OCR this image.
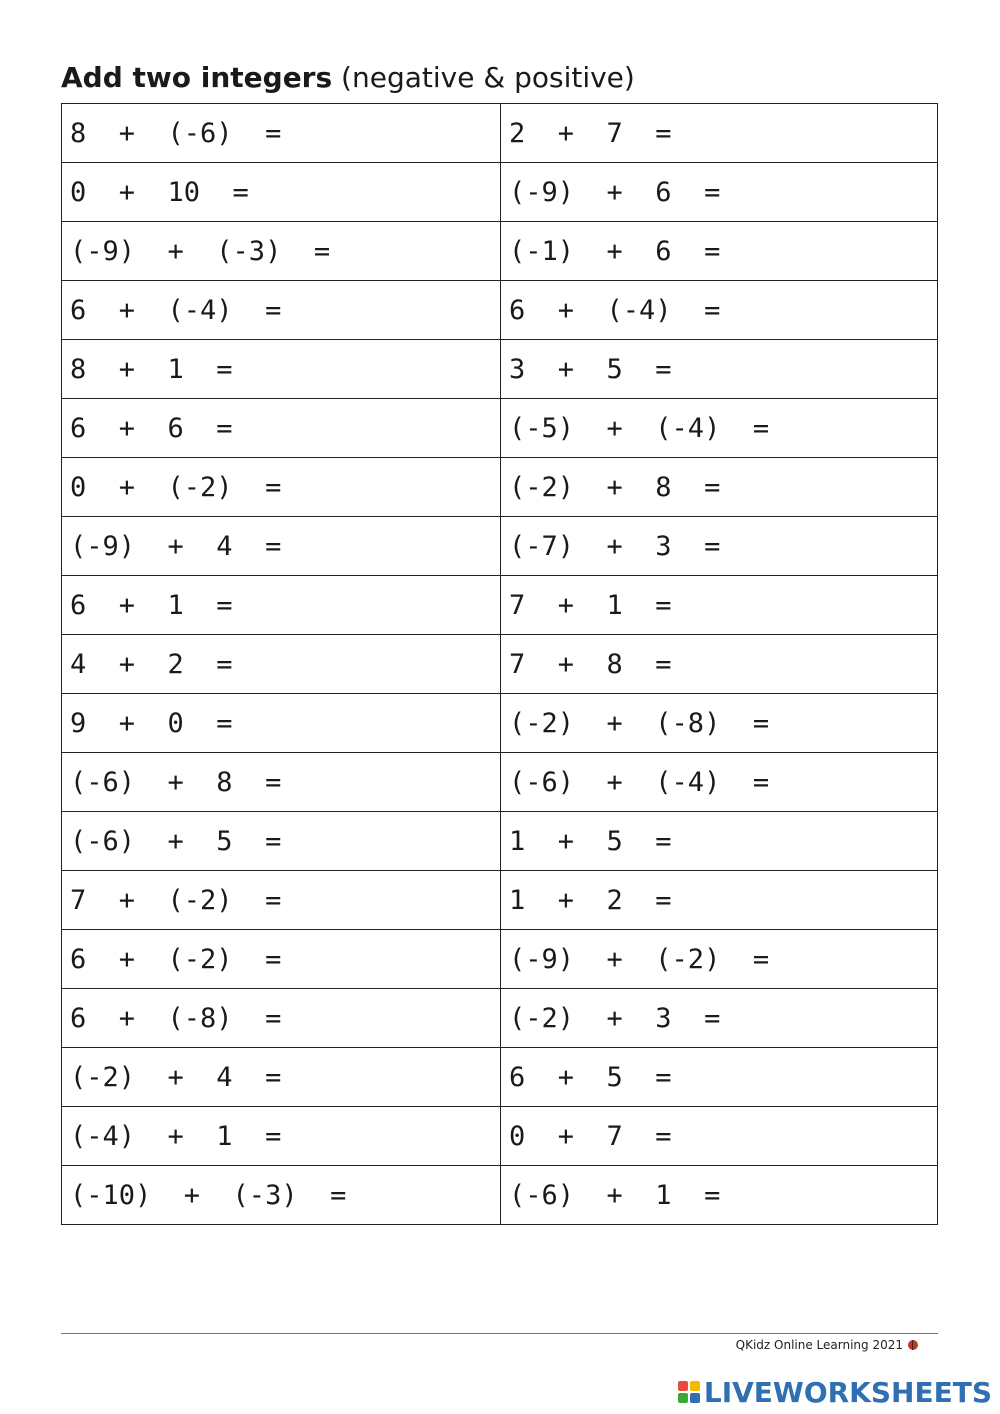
Add two integers (negative & positive)
8  +  (-6)  =	2  +  7  =
0  +  10  =	(-9)  +  6  =
(-9)  +  (-3)  =	(-1)  +  6  =
6  +  (-4)  =	6  +  (-4)  =
8  +  1  =	3  +  5  =
6  +  6  =	(-5)  +  (-4)  =
0  +  (-2)  =	(-2)  +  8  =
(-9)  +  4  =	(-7)  +  3  =
6  +  1  =	7  +  1  =
4  +  2  =	7  +  8  =
9  +  0  =	(-2)  +  (-8)  =
(-6)  +  8  =	(-6)  +  (-4)  =
(-6)  +  5  =	1  +  5  =
7  +  (-2)  =	1  +  2  =
6  +  (-2)  =	(-9)  +  (-2)  =
6  +  (-8)  =	(-2)  +  3  =
(-2)  +  4  =	6  +  5  =
(-4)  +  1  =	0  +  7  =
(-10)  +  (-3)  =	(-6)  +  1  =
QKidz Online Learning 2021
LIVEWORKSHEETS
